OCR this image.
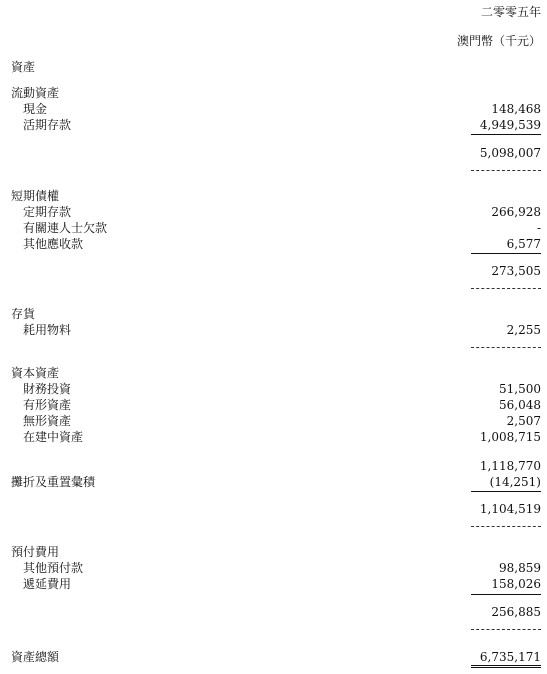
二零零五年
澳門幣（千元）
資產
流動資產
現金	148,468
活期存款	4,949,539
5,098,007
短期債權
定期存款	266,928
有關連人士欠款	-
其他應收款	6,577
273,505
存貨
耗用物料	2,255
資本資產
財務投資	51,500
有形資產	56,048
無形資產	2,507
在建中資產	1,008,715
1,118,770
攤折及重置彙積	(14,251)
1,104,519
預付費用
其他預付款	98,859
遞延費用	158,026
256,885
資產總額	6,735,171
